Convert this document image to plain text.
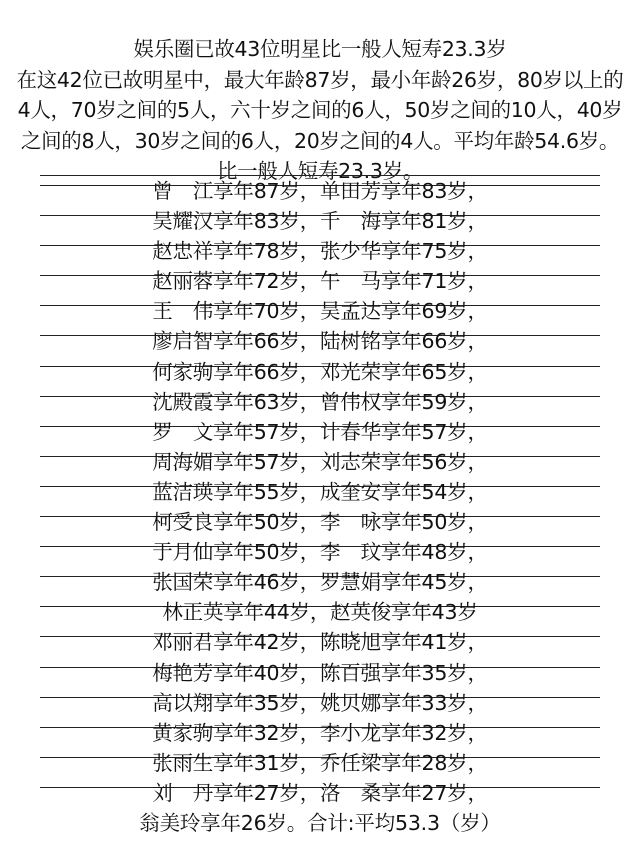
娱乐圈已故43位明星比一般人短寿23.3岁
在这42位已故明星中，最大年龄87岁，最小年龄26岁，80岁以上的4人，70岁之间的5人，六十岁之间的6人，50岁之间的10人，40岁之间的8人，30岁之间的6人，20岁之间的4人。平均年龄54.6岁。比一般人短寿23.3岁。
曾　江享年87岁，单田芳享年83岁，
吴耀汉享年83岁，千　海享年81岁，
赵忠祥享年78岁，张少华享年75岁，
赵丽蓉享年72岁，午　马享年71岁，
王　伟享年70岁，吴孟达享年69岁，
廖启智享年66岁，陆树铭享年66岁，
何家驹享年66岁，邓光荣享年65岁，
沈殿霞享年63岁，曾伟权享年59岁，
罗　文享年57岁，计春华享年57岁，
周海媚享年57岁，刘志荣享年56岁，
蓝洁瑛享年55岁，成奎安享年54岁，
柯受良享年50岁，李　咏享年50岁，
于月仙享年50岁，李　玟享年48岁，
张国荣享年46岁，罗慧娟享年45岁，
林正英享年44岁，赵英俊享年43岁
邓丽君享年42岁，陈晓旭享年41岁，
梅艳芳享年40岁，陈百强享年35岁，
高以翔享年35岁，姚贝娜享年33岁，
黄家驹享年32岁，李小龙享年32岁，
张雨生享年31岁，乔任梁享年28岁，
刘　丹享年27岁，洛　桑享年27岁，
翁美玲享年26岁。合计:平均53.3（岁）
